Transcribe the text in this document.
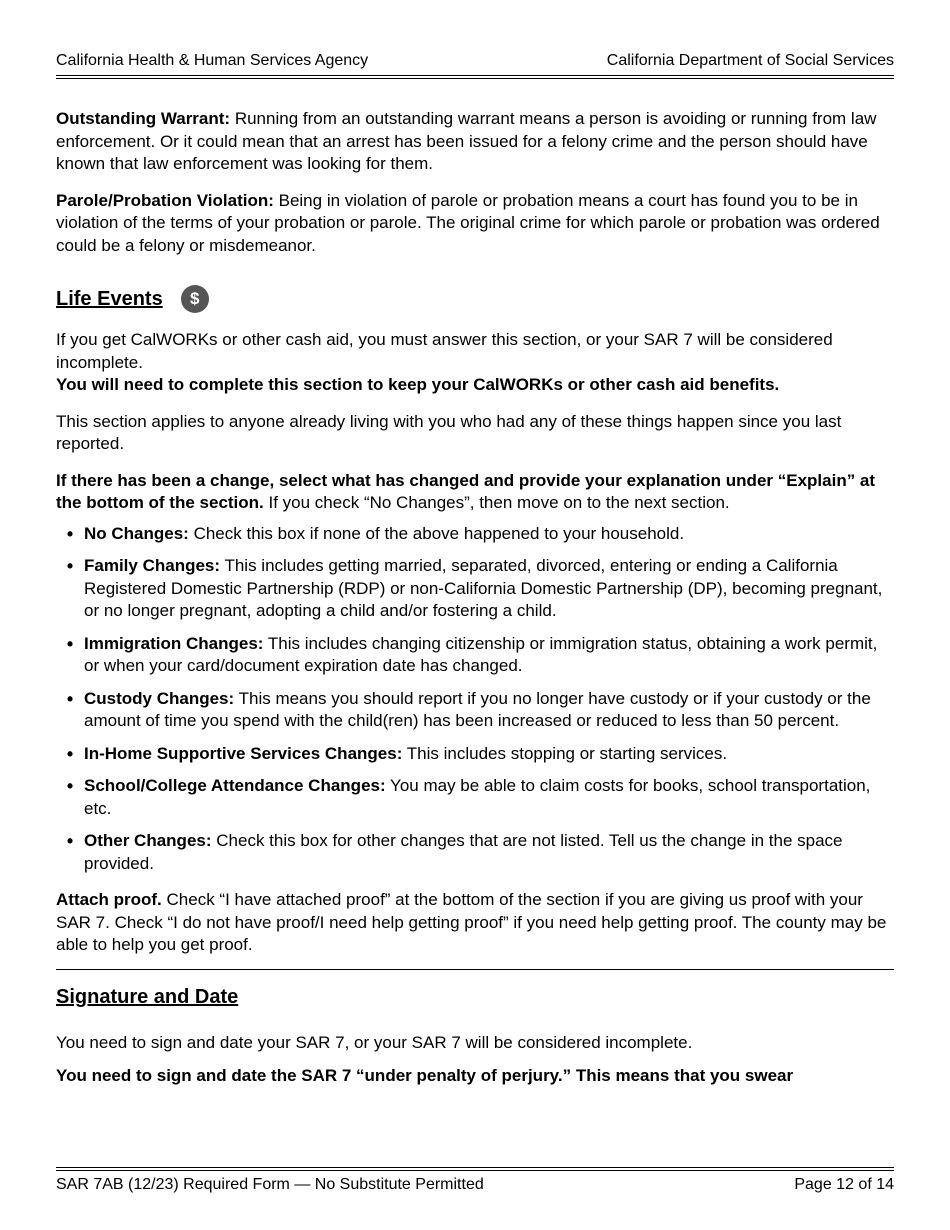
California Health & Human Services Agency	California Department of Social Services

Outstanding Warrant: Running from an outstanding warrant means a person is avoiding or running from law enforcement. Or it could mean that an arrest has been issued for a felony crime and the person should have known that law enforcement was looking for them.

Parole/Probation Violation: Being in violation of parole or probation means a court has found you to be in violation of the terms of your probation or parole. The original crime for which parole or probation was ordered could be a felony or misdemeanor.

Life Events	$

If you get CalWORKs or other cash aid, you must answer this section, or your SAR 7 will be considered incomplete.

You will need to complete this section to keep your CalWORKs or other cash aid benefits.

This section applies to anyone already living with you who had any of these things happen since you last reported.

If there has been a change, select what has changed and provide your explanation under “Explain” at the bottom of the section. If you check “No Changes”, then move on to the next section.

• No Changes: Check this box if none of the above happened to your household.
• Family Changes: This includes getting married, separated, divorced, entering or ending a California Registered Domestic Partnership (RDP) or non-California Domestic Partnership (DP), becoming pregnant, or no longer pregnant, adopting a child and/or fostering a child.
• Immigration Changes: This includes changing citizenship or immigration status, obtaining a work permit, or when your card/document expiration date has changed.
• Custody Changes: This means you should report if you no longer have custody or if your custody or the amount of time you spend with the child(ren) has been increased or reduced to less than 50 percent.
• In-Home Supportive Services Changes: This includes stopping or starting services.
• School/College Attendance Changes: You may be able to claim costs for books, school transportation, etc.
• Other Changes: Check this box for other changes that are not listed. Tell us the change in the space provided.

Attach proof. Check “I have attached proof” at the bottom of the section if you are giving us proof with your SAR 7. Check “I do not have proof/I need help getting proof” if you need help getting proof. The county may be able to help you get proof.

Signature and Date

You need to sign and date your SAR 7, or your SAR 7 will be considered incomplete.

You need to sign and date the SAR 7 “under penalty of perjury.” This means that you swear

SAR 7AB (12/23) Required Form — No Substitute Permitted	Page 12 of 14
